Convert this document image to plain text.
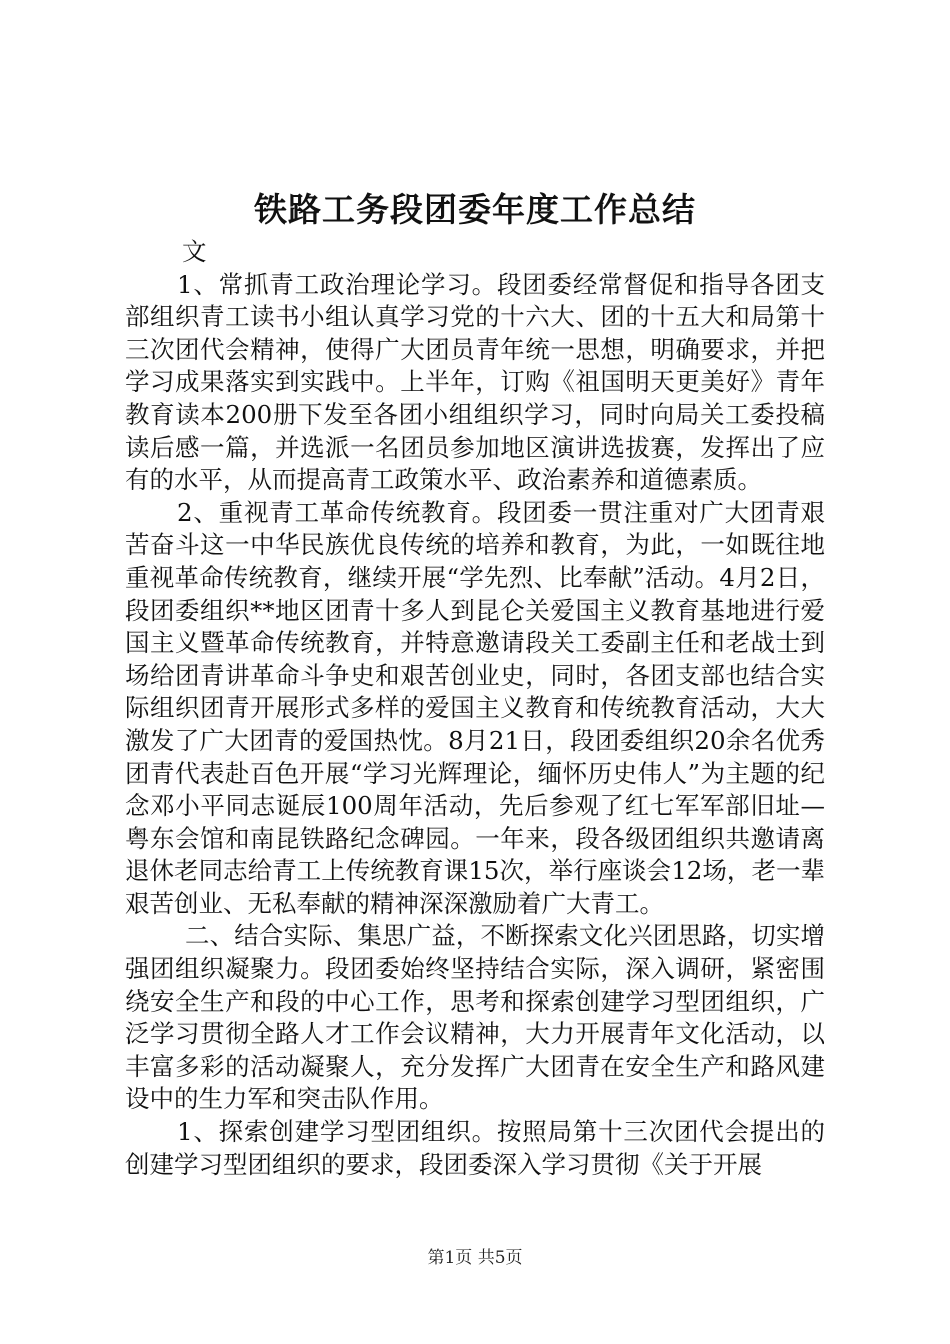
铁路工务段团委年度工作总结

文

1、常抓青工政治理论学习。段团委经常督促和指导各团支部组织青工读书小组认真学习党的十六大、团的十五大和局第十三次团代会精神，使得广大团员青年统一思想，明确要求，并把学习成果落实到实践中。上半年，订购《祖国明天更美好》青年教育读本200册下发至各团小组组织学习，同时向局关工委投稿读后感一篇，并选派一名团员参加地区演讲选拔赛，发挥出了应有的水平，从而提高青工政策水平、政治素养和道德素质。

2、重视青工革命传统教育。段团委一贯注重对广大团青艰苦奋斗这一中华民族优良传统的培养和教育，为此，一如既往地重视革命传统教育，继续开展“学先烈、比奉献”活动。4月2日，段团委组织**地区团青十多人到昆仑关爱国主义教育基地进行爱国主义暨革命传统教育，并特意邀请段关工委副主任和老战士到场给团青讲革命斗争史和艰苦创业史，同时，各团支部也结合实际组织团青开展形式多样的爱国主义教育和传统教育活动，大大激发了广大团青的爱国热忱。8月21日，段团委组织20余名优秀团青代表赴百色开展“学习光辉理论，缅怀历史伟人”为主题的纪念邓小平同志诞辰100周年活动，先后参观了红七军军部旧址—粤东会馆和南昆铁路纪念碑园。一年来，段各级团组织共邀请离退休老同志给青工上传统教育课15次，举行座谈会12场，老一辈艰苦创业、无私奉献的精神深深激励着广大青工。

二、结合实际、集思广益，不断探索文化兴团思路，切实增强团组织凝聚力。段团委始终坚持结合实际，深入调研，紧密围绕安全生产和段的中心工作，思考和探索创建学习型团组织，广泛学习贯彻全路人才工作会议精神，大力开展青年文化活动，以丰富多彩的活动凝聚人，充分发挥广大团青在安全生产和路风建设中的生力军和突击队作用。

1、探索创建学习型团组织。按照局第十三次团代会提出的创建学习型团组织的要求，段团委深入学习贯彻《关于开展

第1页 共5页
